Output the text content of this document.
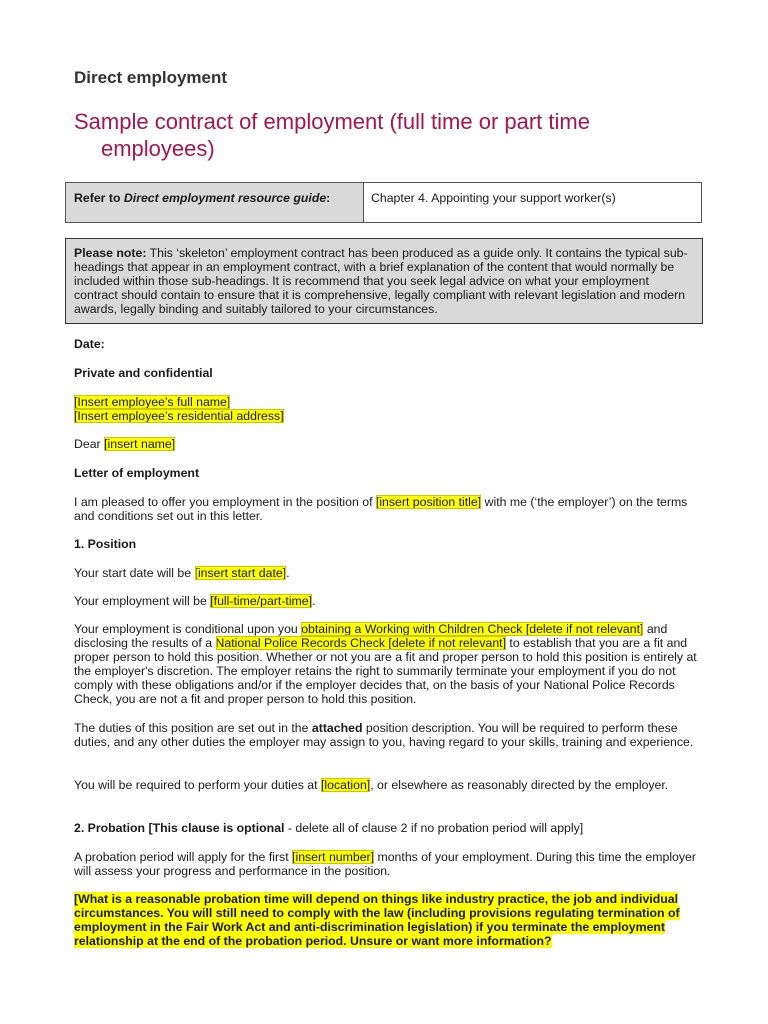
Direct employment
Sample contract of employment (full time or part time
employees)
Refer to Direct employment resource guide:	Chapter 4. Appointing your support worker(s)
Please note: This ‘skeleton’ employment contract has been produced as a guide only. It contains the typical sub-headings that appear in an employment contract, with a brief explanation of the content that would normally be included within those sub-headings. It is recommend that you seek legal advice on what your employment contract should contain to ensure that it is comprehensive, legally compliant with relevant legislation and modern awards, legally binding and suitably tailored to your circumstances.
Date:
Private and confidential
[Insert employee’s full name]
[Insert employee’s residential address]
Dear [insert name]
Letter of employment
I am pleased to offer you employment in the position of [insert position title] with me (‘the employer’) on the terms and conditions set out in this letter.
1. Position
Your start date will be [insert start date].
Your employment will be [full-time/part-time].
Your employment is conditional upon you obtaining a Working with Children Check [delete if not relevant] and disclosing the results of a National Police Records Check [delete if not relevant] to establish that you are a fit and proper person to hold this position. Whether or not you are a fit and proper person to hold this position is entirely at the employer's discretion. The employer retains the right to summarily terminate your employment if you do not comply with these obligations and/or if the employer decides that, on the basis of your National Police Records Check, you are not a fit and proper person to hold this position.
The duties of this position are set out in the attached position description. You will be required to perform these duties, and any other duties the employer may assign to you, having regard to your skills, training and experience.
You will be required to perform your duties at [location], or elsewhere as reasonably directed by the employer.
2. Probation [This clause is optional - delete all of clause 2 if no probation period will apply]
A probation period will apply for the first [insert number] months of your employment. During this time the employer will assess your progress and performance in the position.
[What is a reasonable probation time will depend on things like industry practice, the job and individual circumstances. You will still need to comply with the law (including provisions regulating termination of employment in the Fair Work Act and anti-discrimination legislation) if you terminate the employment relationship at the end of the probation period. Unsure or want more information?
